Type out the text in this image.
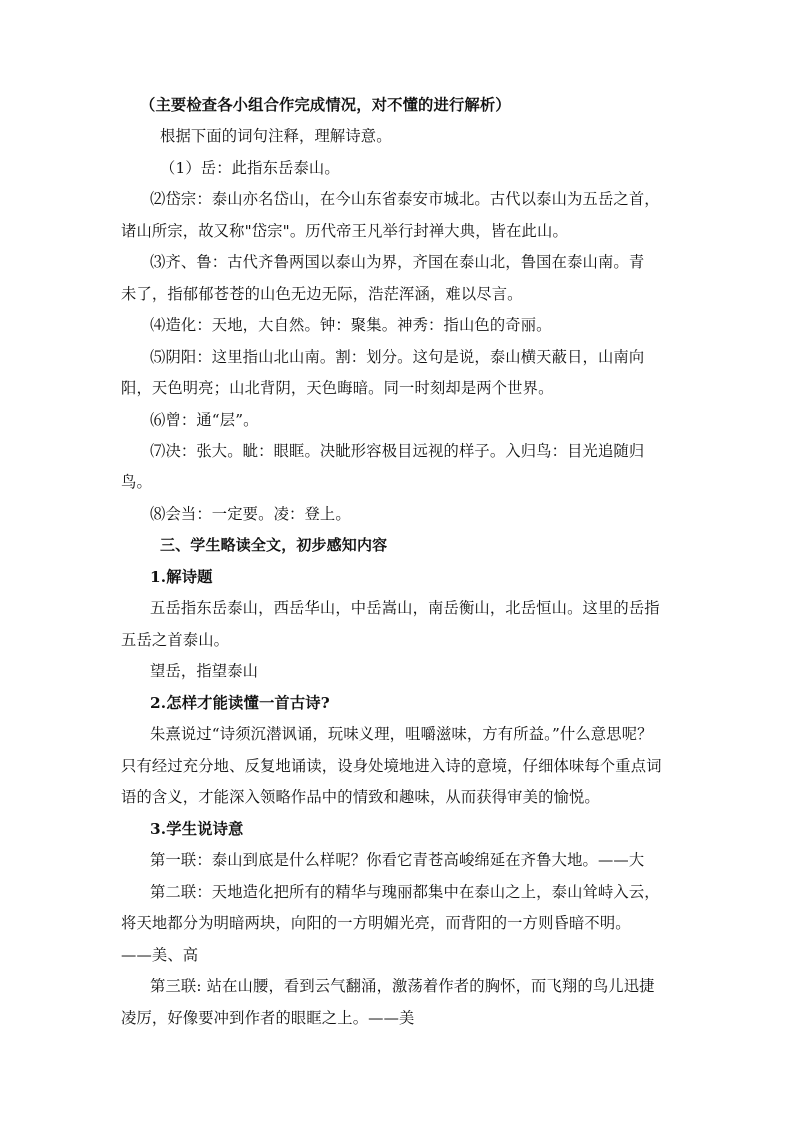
（主要检查各小组合作完成情况，对不懂的进行解析）
根据下面的词句注释，理解诗意。
（1）岳：此指东岳泰山。
⑵岱宗：泰山亦名岱山，在今山东省泰安市城北。古代以泰山为五岳之首，
诸山所宗，故又称"岱宗"。历代帝王凡举行封禅大典，皆在此山。
⑶齐、鲁：古代齐鲁两国以泰山为界，齐国在泰山北，鲁国在泰山南。青
未了，指郁郁苍苍的山色无边无际，浩茫浑涵，难以尽言。
⑷造化：天地，大自然。钟：聚集。神秀：指山色的奇丽。
⑸阴阳：这里指山北山南。割：划分。这句是说，泰山横天蔽日，山南向
阳，天色明亮；山北背阴，天色晦暗。同一时刻却是两个世界。
⑹曾：通“层”。
⑺决：张大。眦：眼眶。决眦形容极目远视的样子。入归鸟：目光追随归
鸟。
⑻会当：一定要。凌：登上。
三、学生略读全文，初步感知内容
1.解诗题
五岳指东岳泰山，西岳华山，中岳嵩山，南岳衡山，北岳恒山。这里的岳指
五岳之首泰山。
望岳，指望泰山
2.怎样才能读懂一首古诗?
朱熹说过“诗须沉潜讽诵，玩味义理，咀嚼滋味，方有所益。”什么意思呢？
只有经过充分地、反复地诵读，设身处境地进入诗的意境，仔细体味每个重点词
语的含义，才能深入领略作品中的情致和趣味，从而获得审美的愉悦。
3.学生说诗意
第一联：泰山到底是什么样呢？你看它青苍高峻绵延在齐鲁大地。——大
第二联：天地造化把所有的精华与瑰丽都集中在泰山之上，泰山耸峙入云，
将天地都分为明暗两块，向阳的一方明媚光亮，而背阳的一方则昏暗不明。
——美、高
第三联: 站在山腰，看到云气翻涌，激荡着作者的胸怀，而飞翔的鸟儿迅捷
凌厉，好像要冲到作者的眼眶之上。——美
